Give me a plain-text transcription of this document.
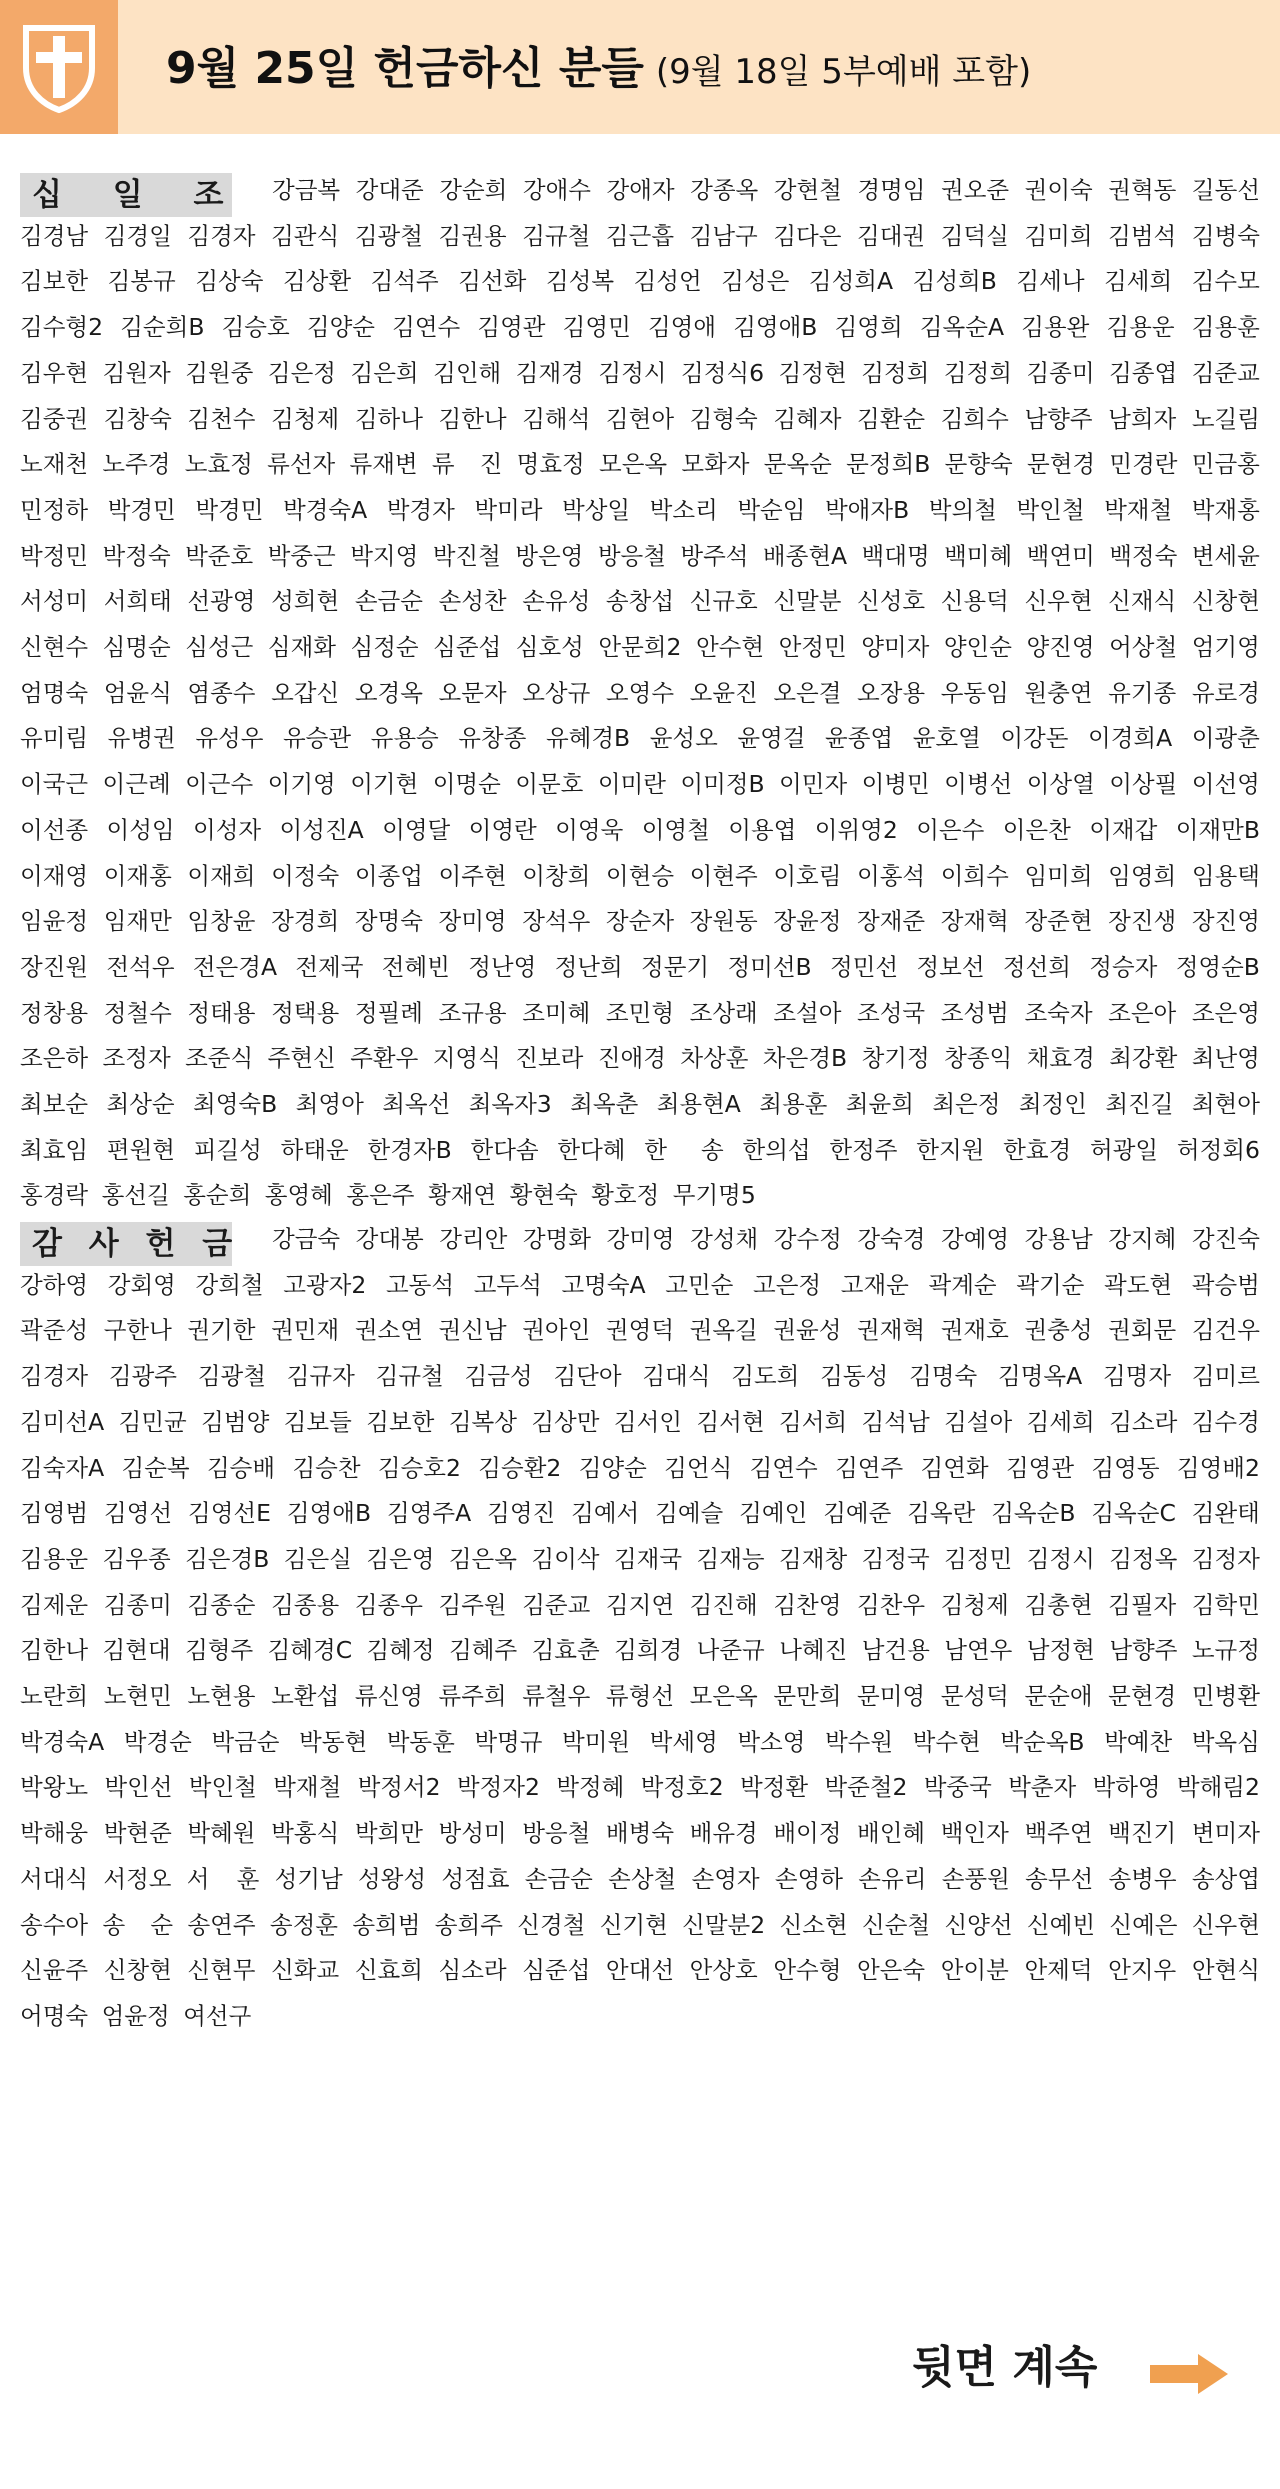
9월 25일 헌금하신 분들 (9월 18일 5부예배 포함)
십 일 조	강금복 강대준 강순희 강애수 강애자 강종옥 강현철 경명임 권오준 권이숙 권혁동 길동선 김경남 김경일 김경자 김관식 김광철 김권용 김규철 김근흡 김남구 김다은 김대권 김덕실 김미희 김범석 김병숙 김보한 김봉규 김상숙 김상환 김석주 김선화 김성복 김성언 김성은 김성희A 김성희B 김세나 김세희 김수모 김수형2 김순희B 김승호 김양순 김연수 김영관 김영민 김영애 김영애B 김영희 김옥순A 김용완 김용운 김용훈 김우현 김원자 김원중 김은정 김은희 김인해 김재경 김정시 김정식6 김정현 김정희 김정희 김종미 김종엽 김준교 김중권 김창숙 김천수 김청제 김하나 김한나 김해석 김현아 김형숙 김혜자 김환순 김희수 남향주 남희자 노길림 노재천 노주경 노효정 류선자 류재변 류　진 명효정 모은옥 모화자 문옥순 문정희B 문향숙 문현경 민경란 민금홍 민정하 박경민 박경민 박경숙A 박경자 박미라 박상일 박소리 박순임 박애자B 박의철 박인철 박재철 박재홍 박정민 박정숙 박준호 박중근 박지영 박진철 방은영 방응철 방주석 배종현A 백대명 백미혜 백연미 백정숙 변세윤 서성미 서희태 선광영 성희현 손금순 손성찬 손유성 송창섭 신규호 신말분 신성호 신용덕 신우현 신재식 신창현 신현수 심명순 심성근 심재화 심정순 심준섭 심호성 안문희2 안수현 안정민 양미자 양인순 양진영 어상철 엄기영 엄명숙 엄윤식 염종수 오갑신 오경옥 오문자 오상규 오영수 오윤진 오은결 오장용 우동임 원충연 유기종 유로경 유미림 유병권 유성우 유승관 유용승 유창종 유혜경B 윤성오 윤영걸 윤종엽 윤호열 이강돈 이경희A 이광춘 이국근 이근례 이근수 이기영 이기현 이명순 이문호 이미란 이미정B 이민자 이병민 이병선 이상열 이상필 이선영 이선종 이성임 이성자 이성진A 이영달 이영란 이영욱 이영철 이용엽 이위영2 이은수 이은찬 이재갑 이재만B 이재영 이재홍 이재희 이정숙 이종업 이주현 이창희 이현승 이현주 이호림 이홍석 이희수 임미희 임영희 임용택 임윤정 임재만 임창윤 장경희 장명숙 장미영 장석우 장순자 장원동 장윤정 장재준 장재혁 장준현 장진생 장진영 장진원 전석우 전은경A 전제국 전혜빈 정난영 정난희 정문기 정미선B 정민선 정보선 정선희 정승자 정영순B 정창용 정철수 정태용 정택용 정필례 조규용 조미혜 조민형 조상래 조설아 조성국 조성범 조숙자 조은아 조은영 조은하 조정자 조준식 주현신 주환우 지영식 진보라 진애경 차상훈 차은경B 창기정 창종익 채효경 최강환 최난영 최보순 최상순 최영숙B 최영아 최옥선 최옥자3 최옥춘 최용현A 최용훈 최윤희 최은정 최정인 최진길 최현아 최효임 편원현 피길성 하태운 한경자B 한다솜 한다혜 한　송 한의섭 한정주 한지원 한효경 허광일 허정회6 홍경락 홍선길 홍순희 홍영혜 홍은주 황재연 황현숙 황호정 무기명5
감 사 헌 금	강금숙 강대봉 강리안 강명화 강미영 강성채 강수정 강숙경 강예영 강용남 강지혜 강진숙 강하영 강회영 강희철 고광자2 고동석 고두석 고명숙A 고민순 고은정 고재운 곽계순 곽기순 곽도현 곽승범 곽준성 구한나 권기한 권민재 권소연 권신남 권아인 권영덕 권옥길 권윤성 권재혁 권재호 권충성 권회문 김건우 김경자 김광주 김광철 김규자 김규철 김금성 김단아 김대식 김도희 김동성 김명숙 김명옥A 김명자 김미르 김미선A 김민균 김범양 김보들 김보한 김복상 김상만 김서인 김서현 김서희 김석남 김설아 김세희 김소라 김수경 김숙자A 김순복 김승배 김승찬 김승호2 김승환2 김양순 김언식 김연수 김연주 김연화 김영관 김영동 김영배2 김영범 김영선 김영선E 김영애B 김영주A 김영진 김예서 김예슬 김예인 김예준 김옥란 김옥순B 김옥순C 김완태 김용운 김우종 김은경B 김은실 김은영 김은옥 김이삭 김재국 김재능 김재창 김정국 김정민 김정시 김정옥 김정자 김제운 김종미 김종순 김종용 김종우 김주원 김준교 김지연 김진해 김찬영 김찬우 김청제 김총현 김필자 김학민 김한나 김현대 김형주 김혜경C 김혜정 김혜주 김효춘 김희경 나준규 나혜진 남건용 남연우 남정현 남향주 노규정 노란희 노현민 노현용 노환섭 류신영 류주희 류철우 류형선 모은옥 문만희 문미영 문성덕 문순애 문현경 민병환 박경숙A 박경순 박금순 박동현 박동훈 박명규 박미원 박세영 박소영 박수원 박수현 박순옥B 박예찬 박옥심 박왕노 박인선 박인철 박재철 박정서2 박정자2 박정혜 박정호2 박정환 박준철2 박중국 박춘자 박하영 박해림2 박해웅 박현준 박혜원 박홍식 박희만 방성미 방응철 배병숙 배유경 배이정 배인혜 백인자 백주연 백진기 변미자 서대식 서정오 서　훈 성기남 성왕성 성점효 손금순 손상철 손영자 손영하 손유리 손풍원 송무선 송병우 송상엽 송수아 송　순 송연주 송정훈 송희범 송희주 신경철 신기현 신말분2 신소현 신순철 신양선 신예빈 신예은 신우현 신윤주 신창현 신현무 신화교 신효희 심소라 심준섭 안대선 안상호 안수형 안은숙 안이분 안제덕 안지우 안현식 어명숙 엄윤정 여선구
뒷면 계속
